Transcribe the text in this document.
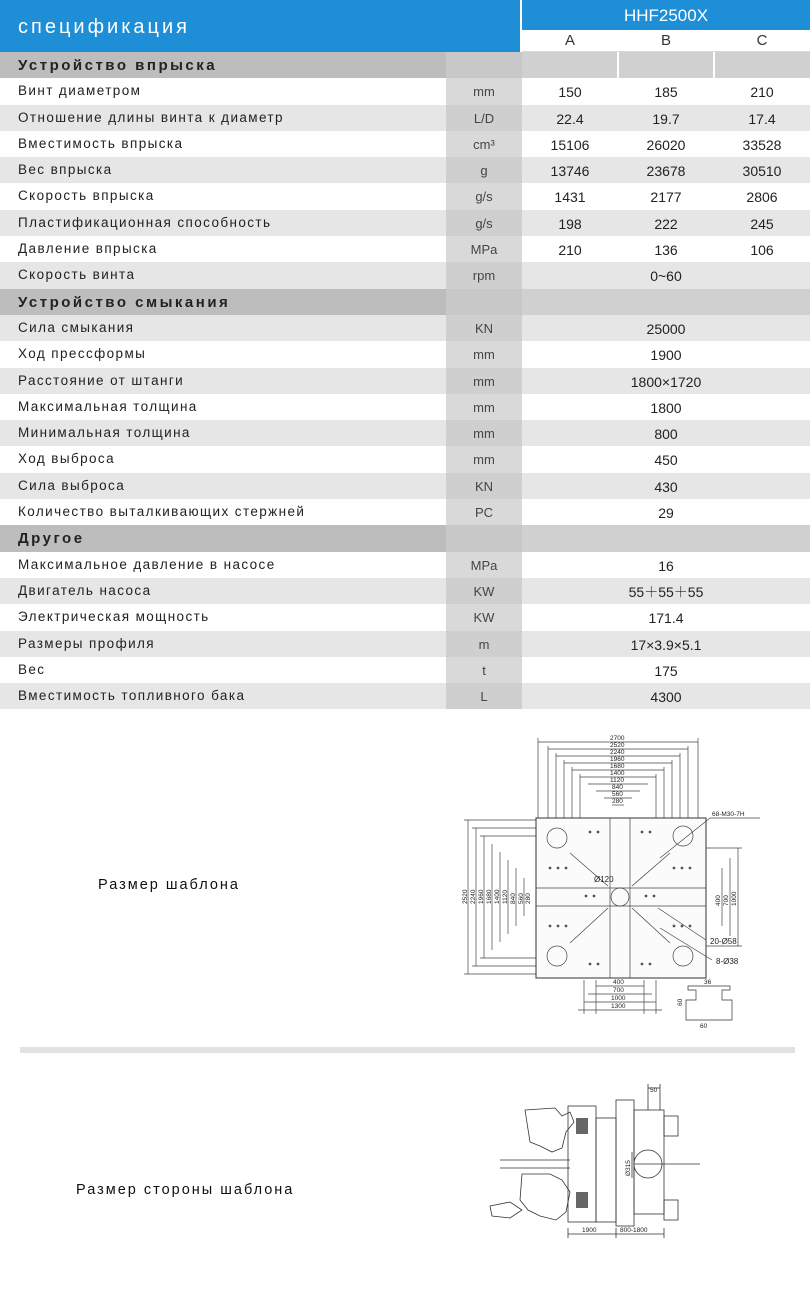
спецификация
HHF2500X
A	B	C
Устройство впрыска
Винт диаметром	mm	150	185	210
Отношение длины винта к диаметр	L/D	22.4	19.7	17.4
Вместимость впрыска	cm³	15106	26020	33528
Вес впрыска	g	13746	23678	30510
Скорость впрыска	g/s	1431	2177	2806
Пластификационная способность	g/s	198	222	245
Давление впрыска	MPa	210	136	106
Скорость винта	rpm	0~60
Устройство смыкания
Сила смыкания	KN	25000
Ход прессформы	mm	1900
Расстояние от штанги	mm	1800×1720
Максимальная толщина	mm	1800
Минимальная толщина	mm	800
Ход выброса	mm	450
Сила выброса	KN	430
Количество выталкивающих стержней	PC	29
Другое
Максимальное давление в насосе	MPa	16
Двигатель насоса	KW	55＋55＋55
Электрическая мощность	KW	171.4
Размеры профиля	m	17×3.9×5.1
Вес	t	175
Вместимость топливного бака	L	4300
Размер шаблона
2700
2520
2240
1960
1680
1400
1120
840
560
280
2520 2240 1960 1680 1400 1120 840 560 280	400 700 1000
400
700
1000
1300
68-M30-7H
20-Ø58
8-Ø38
Ø120
36
60
60
Размер стороны шаблона
50
Ø315
1900	800-1800
